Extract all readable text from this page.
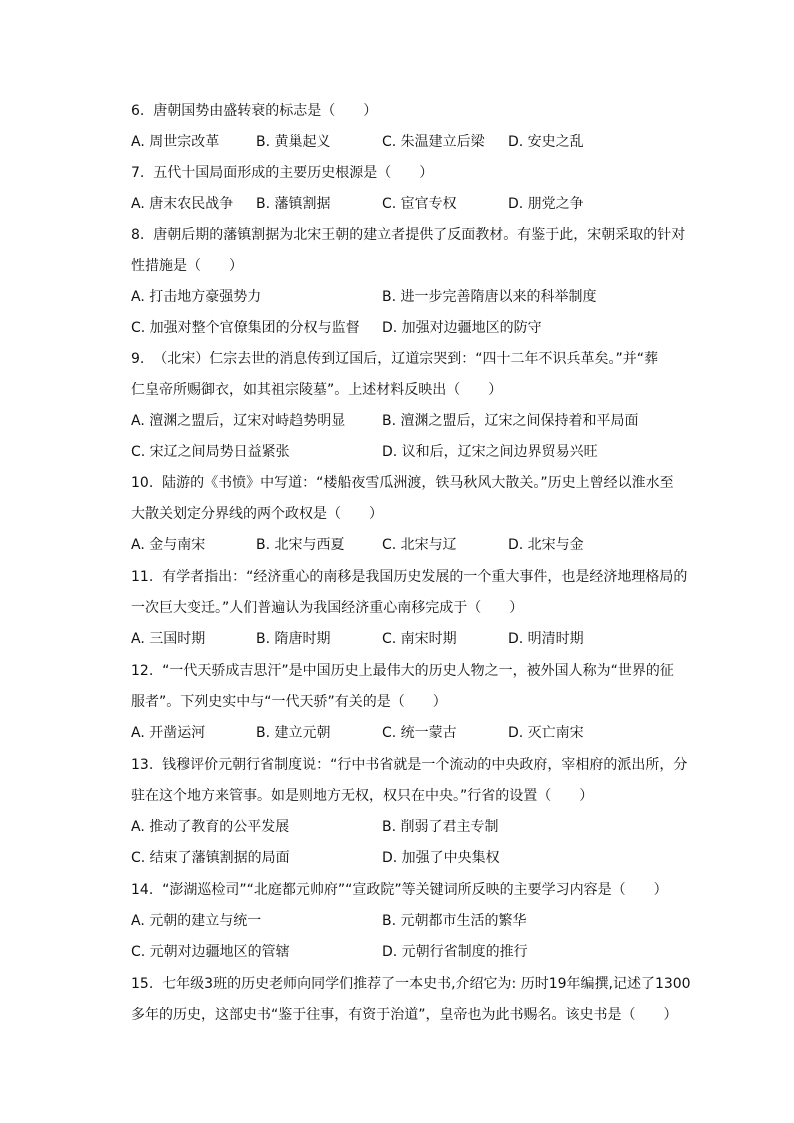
6.  唐朝国势由盛转衰的标志是（　　）
A. 周世宗改革	B. 黄巢起义	C. 朱温建立后梁 D. 安史之乱
7.  五代十国局面形成的主要历史根源是（　　）
A. 唐末农民战争 B. 藩镇割据	C. 宦官专权	D. 朋党之争
8.  唐朝后期的藩镇割据为北宋王朝的建立者提供了反面教材。有鉴于此，宋朝采取的针对
性措施是（　　）
A. 打击地方豪强势力	B. 进一步完善隋唐以来的科举制度
C. 加强对整个官僚集团的分权与监督 D. 加强对边疆地区的防守
9.  （北宋）仁宗去世的消息传到辽国后，辽道宗哭到：“四十二年不识兵革矣。”并“葬
仁皇帝所赐御衣，如其祖宗陵墓”。上述材料反映出（　　）
A. 澶渊之盟后，辽宋对峙趋势明显	B. 澶渊之盟后，辽宋之间保持着和平局面
C. 宋辽之间局势日益紧张	D. 议和后，辽宋之间边界贸易兴旺
10.  陆游的《书愤》中写道：“楼船夜雪瓜洲渡，铁马秋风大散关。”历史上曾经以淮水至
大散关划定分界线的两个政权是（　　）
A. 金与南宋	B. 北宋与西夏	C. 北宋与辽	D. 北宋与金
11.  有学者指出：“经济重心的南移是我国历史发展的一个重大事件，也是经济地理格局的
一次巨大变迁。”人们普遍认为我国经济重心南移完成于（　　）
A. 三国时期	B. 隋唐时期	C. 南宋时期	D. 明清时期
12.  “一代天骄成吉思汗”是中国历史上最伟大的历史人物之一，被外国人称为“世界的征
服者”。下列史实中与“一代天骄”有关的是（　　）
A. 开凿运河	B. 建立元朝	C. 统一蒙古	D. 灭亡南宋
13.  钱穆评价元朝行省制度说：“行中书省就是一个流动的中央政府，宰相府的派出所，分
驻在这个地方来管事。如是则地方无权，权只在中央。”行省的设置（　　）
A. 推动了教育的公平发展	B. 削弱了君主专制
C. 结束了藩镇割据的局面	D. 加强了中央集权
14.  “澎湖巡检司”“北庭都元帅府”“宣政院”等关键词所反映的主要学习内容是（　　）
A. 元朝的建立与统一	B. 元朝都市生活的繁华
C. 元朝对边疆地区的管辖	D. 元朝行省制度的推行
15.  七年级3班的历史老师向同学们推荐了一本史书,介绍它为: 历时19年编撰,记述了1300
多年的历史，这部史书“鉴于往事，有资于治道”，皇帝也为此书赐名。该史书是（　　）
